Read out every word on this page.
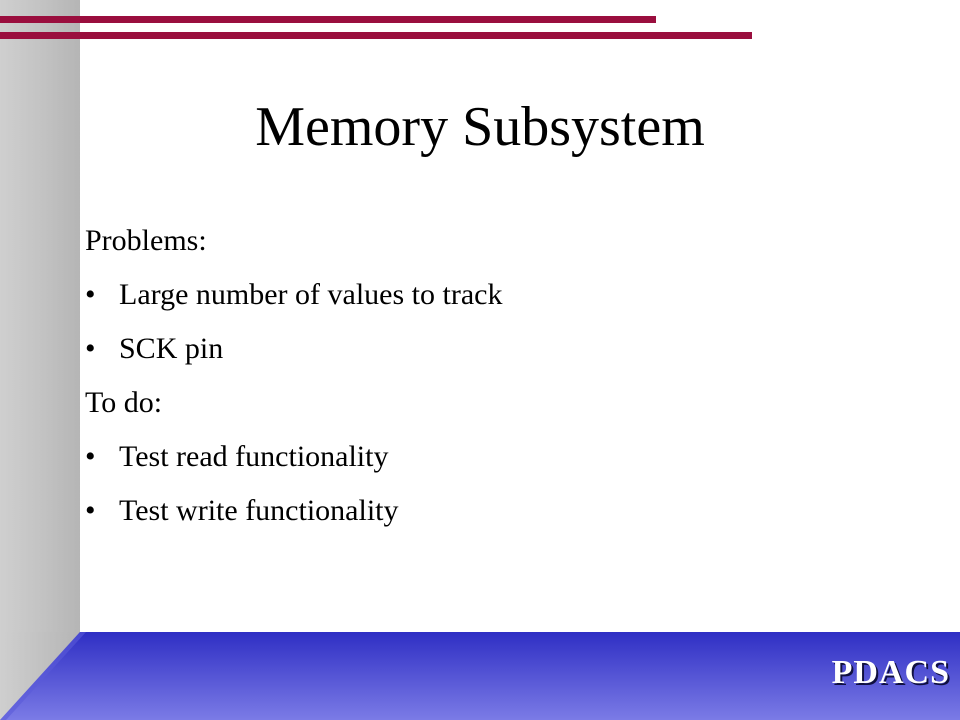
Memory Subsystem
Problems:
• Large number of values to track
• SCK pin
To do:
• Test read functionality
• Test write functionality
PDACS
